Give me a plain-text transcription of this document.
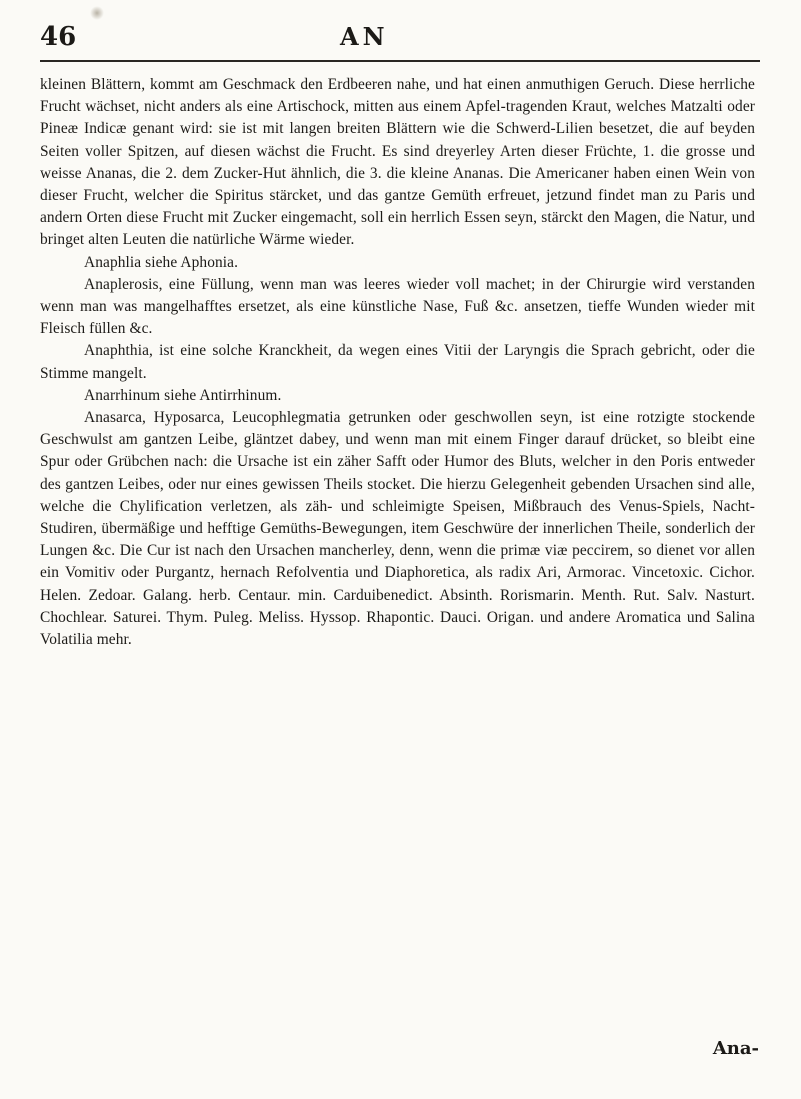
46	AN

kleinen Blättern, kommt am Geschmack den Erdbeeren nahe, und hat einen anmuthigen Geruch. Diese herrliche Frucht wächset, nicht anders als eine Artischock, mitten aus einem Apfel-tragenden Kraut, welches Matzalti oder Pineæ Indicæ genant wird: sie ist mit langen breiten Blättern wie die Schwerd-Lilien besetzet, die auf beyden Seiten voller Spitzen, auf diesen wächst die Frucht. Es sind dreyerley Arten dieser Früchte, 1. die grosse und weisse Ananas, die 2. dem Zucker-Hut ähnlich, die 3. die kleine Ananas. Die Americaner haben einen Wein von dieser Frucht, welcher die Spiritus stärcket, und das gantze Gemüth erfreuet, jetzund findet man zu Paris und andern Orten diese Frucht mit Zucker eingemacht, soll ein herrlich Essen seyn, stärckt den Magen, die Natur, und bringet alten Leuten die natürliche Wärme wieder.

Anaphlia siehe Aphonia.

Anaplerosis, eine Füllung, wenn man was leeres wieder voll machet; in der Chirurgie wird verstanden wenn man was mangelhafftes ersetzet, als eine künstliche Nase, Fuß &c. ansetzen, tieffe Wunden wieder mit Fleisch füllen &c.

Anaphthia, ist eine solche Kranckheit, da wegen eines Vitii der Laryngis die Sprach gebricht, oder die Stimme mangelt.

Anarrhinum siehe Antirrhinum.

Anasarca, Hyposarca, Leucophlegmatia getrunken oder geschwollen seyn, ist eine rotzigte stockende Geschwulst am gantzen Leibe, gläntzet dabey, und wenn man mit einem Finger darauf drücket, so bleibt eine Spur oder Grübchen nach: die Ursache ist ein zäher Safft oder Humor des Bluts, welcher in den Poris entweder des gantzen Leibes, oder nur eines gewissen Theils stocket. Die hierzu Gelegenheit gebenden Ursachen sind alle, welche die Chylification verletzen, als zäh- und schleimigte Speisen, Mißbrauch des Venus-Spiels, Nacht-Studiren, übermäßige und hefftige Gemüths-Bewegungen, item Geschwüre der innerlichen Theile, sonderlich der Lungen &c. Die Cur ist nach den Ursachen mancherley, denn, wenn die primæ viæ peccirem, so dienet vor allen ein Vomitiv oder Purgantz, hernach Refolventia und Diaphoretica, als radix Ari, Armorac. Vincetoxic. Cichor. Helen. Zedoar. Galang. herb. Centaur. min. Carduibenedict. Absinth. Rorismarin. Menth. Rut. Salv. Nasturt. Chochlear. Saturei. Thym. Puleg. Meliss. Hyssop. Rhapontic. Dauci. Origan. und andere Aromatica und Salina Volatilia mehr.

Ana-
